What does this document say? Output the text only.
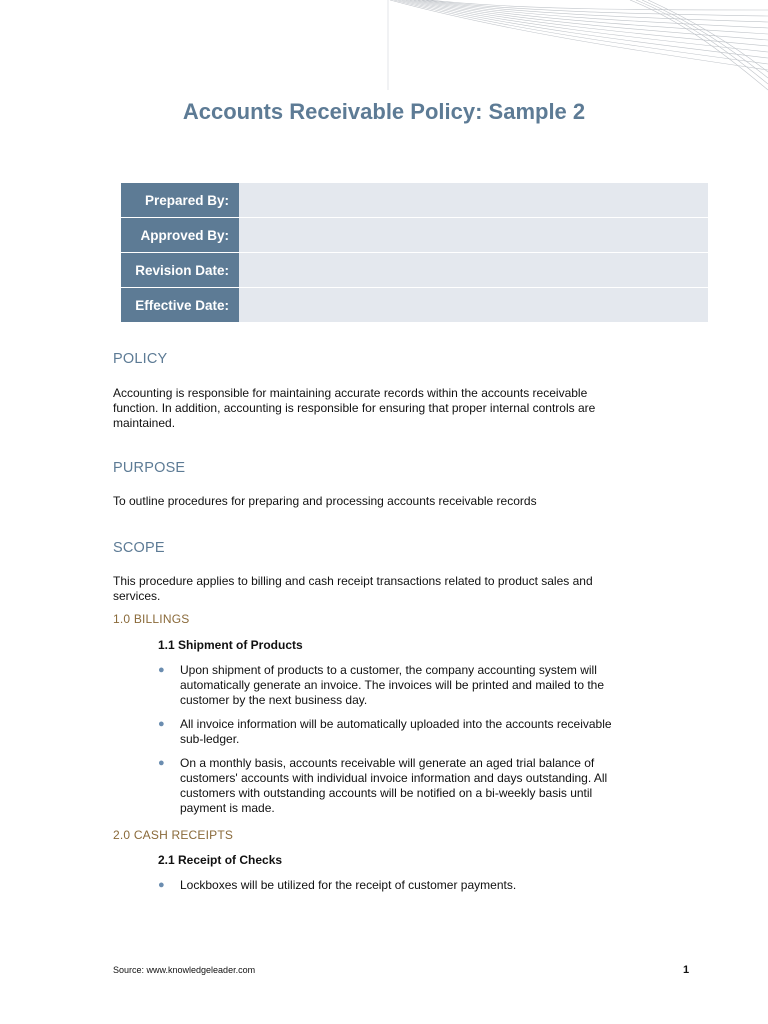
Accounts Receivable Policy: Sample 2
Prepared By:	
Approved By:	
Revision Date:	
Effective Date:	
POLICY

Accounting is responsible for maintaining accurate records within the accounts receivable function. In addition, accounting is responsible for ensuring that proper internal controls are maintained.

PURPOSE

To outline procedures for preparing and processing accounts receivable records

SCOPE

This procedure applies to billing and cash receipt transactions related to product sales and services.

1.0 BILLINGS
1.1 Shipment of Products
● Upon shipment of products to a customer, the company accounting system will automatically generate an invoice. The invoices will be printed and mailed to the customer by the next business day.
● All invoice information will be automatically uploaded into the accounts receivable sub-ledger.
● On a monthly basis, accounts receivable will generate an aged trial balance of customers' accounts with individual invoice information and days outstanding. All customers with outstanding accounts will be notified on a bi-weekly basis until payment is made.
2.0 CASH RECEIPTS
2.1 Receipt of Checks
● Lockboxes will be utilized for the receipt of customer payments.

Source: www.knowledgeleader.com	1
